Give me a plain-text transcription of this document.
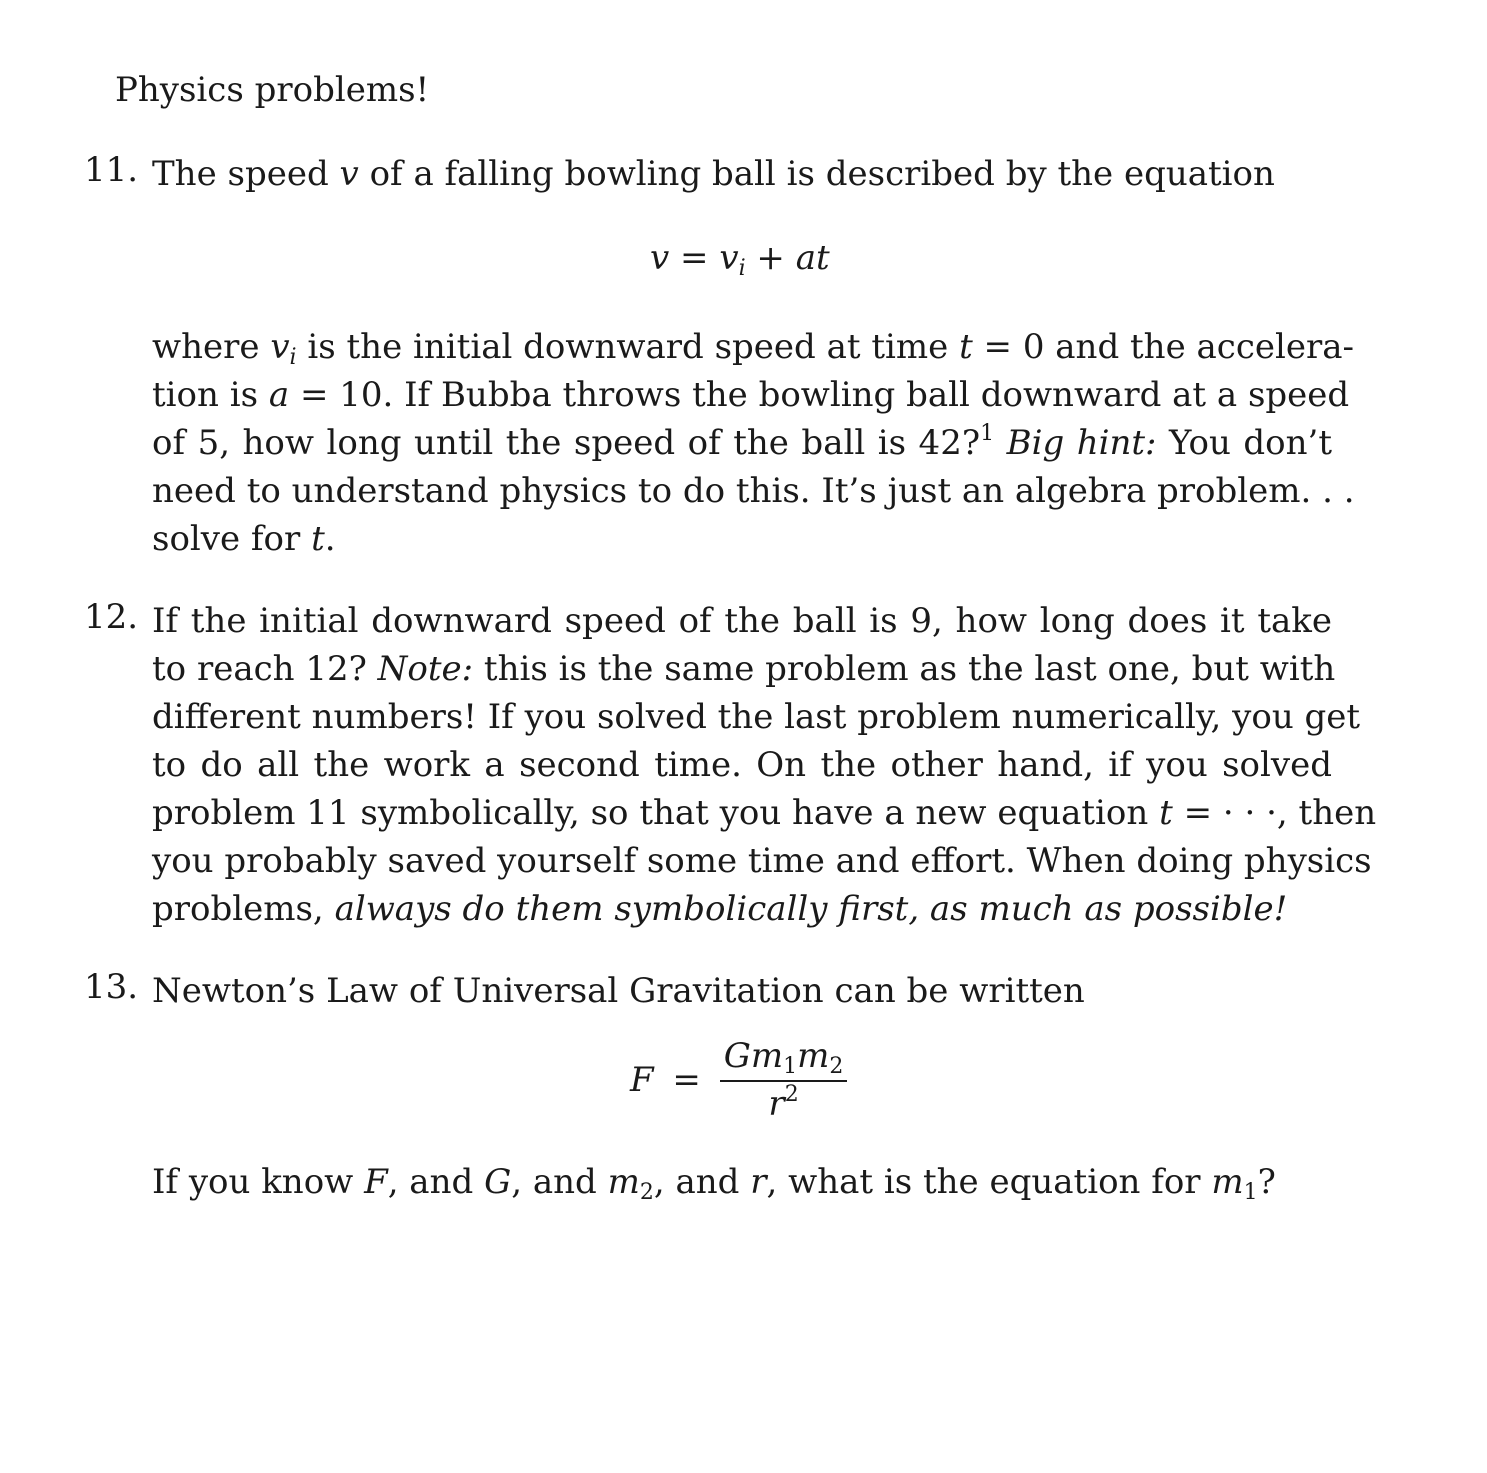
Physics problems!
11. The speed v of a falling bowling ball is described by the equation
$v = v_i$ + at
where $v_i$ is the initial downward speed at time t = 0 and the accelera-
tion is a = 10. If Bubba throws the bowling ball downward at a speed
of 5, how long until the speed of the ball is 42?$^1$ Big hint: You don’t
need to understand physics to do this. It’s just an algebra problem. . .
solve for t.
12. If the initial downward speed of the ball is 9, how long does it take
to reach 12? Note: this is the same problem as the last one, but with
different numbers! If you solved the last problem numerically, you get
to do all the work a second time. On the other hand, if you solved
problem 11 symbolically, so that you have a new equation t = · · ·, then
you probably saved yourself some time and effort. When doing physics
problems, always do them symbolically first, as much as possible!
13. Newton’s Law of Universal Gravitation can be written
$F = \frac{Gm_1m_2}{r^2}$
If you know F, and G, and $m_2$, and r, what is the equation for $m_1$?
